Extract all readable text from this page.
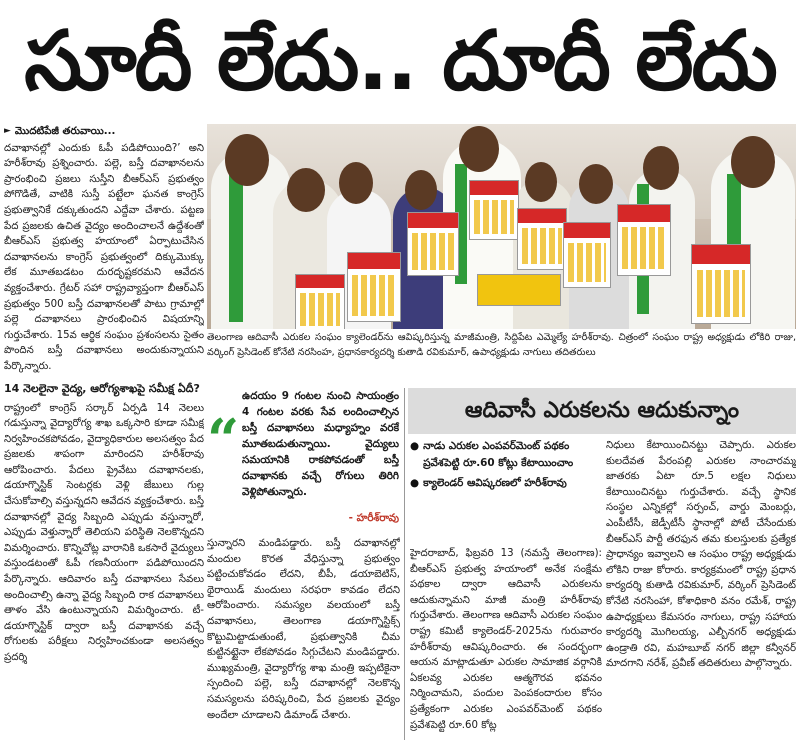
సూదీ లేదు.. దూదీ లేదు
► మొదటిపేజీ తరువాయి...

దవాఖానల్లో ఎందుకు ఓపీ పడిపోయింది?’ అని హరీశ్‌రావు ప్రశ్నించారు. పల్లె, బస్తీ దవాఖానలను ప్రారంభించి ప్రజలు సుస్తీని బీఆర్‌ఎస్ ప్రభుత్వం పోగొడితే, వాటికి సుస్తీ పట్టేలా ఘనత కాంగ్రెస్ ప్రభుత్వానికే దక్కుతుందని ఎద్దేవా చేశారు. పట్టణ పేద ప్రజలకు ఉచిత వైద్యం అందించాలనే ఉద్దేశంతో బీఆర్‌ఎస్ ప్రభుత్వ హయాంలో ఏర్పాటుచేసిన దవాఖానలను కాంగ్రెస్ ప్రభుత్వంలో దిక్కుమొక్కు లేక మూతబడటం దురదృష్టకరమని ఆవేదన వ్యక్తంచేశారు. గ్రేటర్ సహా రాష్ట్రవ్యాప్తంగా బీఆర్‌ఎస్ ప్రభుత్వం 500 బస్తీ దవాఖానలతో పాటు గ్రామాల్లో పల్లె దవాఖానలు ప్రారంభించిన విషయాన్ని గుర్తుచేశారు. 15వ ఆర్థిక సంఘం ప్రశంసలను సైతం పొందిన బస్తీ దవాఖానలు అందుకున్నాయని పేర్కొన్నారు.

14 నెలలైనా వైద్య, ఆరోగ్యశాఖపై సమీక్ష ఏదీ?

రాష్ట్రంలో కాంగ్రెస్ సర్కార్ ఏర్పడి 14 నెలలు గడుస్తున్నా వైద్యారోగ్య శాఖ ఒక్కసారి కూడా సమీక్ష నిర్వహించకపోవడం, వైద్యాధికారుల అలసత్వం పేద ప్రజలకు శాపంగా మారిందని హరీశ్‌రావు ఆరోపించారు. పేదలు ప్రైవేటు దవాఖానలకు, డయాగ్నొస్టిక్ సెంటర్లకు వెళ్లి జేబులు గుల్ల చేసుకోవాల్సి వస్తున్నదని ఆవేదన వ్యక్తంచేశారు. బస్తీ దవాఖానల్లో వైద్య సిబ్బంది ఎప్పుడు వస్తున్నారో, ఎప్పుడు వెళ్తున్నారో తెలియని పరిస్థితి నెలకొన్నదని విమర్శించారు. కొన్నిచోట్ల వారానికి ఒకసారే వైద్యులు వస్తుండటంతో ఓపీ గణనీయంగా పడిపోయిందని పేర్కొన్నారు. ఆదివారం బస్తీ దవాఖానలు సేవలు అందించాల్సి ఉన్నా వైద్య సిబ్బంది రాక దవాఖానలు తాళం వేసి ఉంటున్నాయని విమర్శించారు. టీ-డయాగ్నొస్టిక్ ద్వారా బస్తీ దవాఖానకు వచ్చే రోగులకు పరీక్షలు నిర్వహించకుండా అలసత్వం ప్రదర్శి

తెలంగాణ ఆదివాసీ ఎరుకల సంఘం క్యాలెండర్‌ను ఆవిష్కరిస్తున్న మాజీమంత్రి, సిద్దిపేట ఎమ్మెల్యే హరీశ్‌రావు. చిత్రంలో సంఘం రాష్ట్ర అధ్యక్షుడు లోకిరి రాజు, వర్కింగ్ ప్రెసిడెంట్ కోనేటి నరసింహ, ప్రధానకార్యదర్శి కుతాడి రవికుమార్, ఉపాధ్యక్షుడు నాగులు తదితరులు
“
ఉదయం 9 గంటల నుంచి సాయంత్రం 4 గంటల వరకు సేవ లందించాల్సిన బస్తీ దవాఖానలు మధ్యాహ్నం వరకే మూతబడుతున్నాయి. వైద్యులు సమయానికి రాకపోవడంతో బస్తీ దవాఖానకు వచ్చే రోగులు తిరిగి వెళ్లిపోతున్నారు.
- హరీశ్‌రావు
స్తున్నారని మండిపడ్డారు. బస్తీ దవాఖానల్లో మందుల కొరత వేధిస్తున్నా ప్రభుత్వం పట్టించుకోవడం లేదని, బీపీ, డయాబెటిస్, థైరాయిడ్ మందులు సరఫరా కావడం లేదని ఆరోపించారు. సమస్యల వలయంలో బస్తీ దవాఖానలు, తెలంగాణ డయాగ్నొస్టిక్స్ కొట్టుమిట్టాడుతుంటే, ప్రభుత్వానికి చీమ కుట్టినట్టైనా లేకపోవడం సిగ్గుచేటని మండిపడ్డారు. ముఖ్యమంత్రి, వైద్యారోగ్య శాఖ మంత్రి ఇప్పటికైనా స్పందించి పల్లె, బస్తీ దవాఖానల్లో నెలకొన్న సమస్యలను పరిష్కరించి, పేద ప్రజలకు వైద్యం అందేలా చూడాలని డిమాండ్ చేశారు.
ఆదివాసీ ఎరుకలను ఆదుకున్నాం
● నాడు ఎరుకల ఎంపవర్‌మెంట్ పథకం ప్రవేశపెట్టి రూ.60 కోట్లు కేటాయించాం
● క్యాలెండర్ ఆవిష్కరణలో హరీశ్‌రావు
హైదరాబాద్, ఫిబ్రవరి 13 (నమస్తే తెలంగాణ): బీఆర్‌ఎస్ ప్రభుత్వ హయాంలో అనేక సంక్షేమ పథకాల ద్వారా ఆదివాసీ ఎరుకలను ఆదుకున్నామని మాజీ మంత్రి హరీశ్‌రావు గుర్తుచేశారు. తెలంగాణ ఆదివాసీ ఎరుకల సంఘం రాష్ట్ర కమిటీ క్యాలెండర్-2025ను గురువారం హరీశ్‌రావు ఆవిష్కరించారు. ఈ సందర్భంగా ఆయన మాట్లాడుతూ ఎరుకల సామాజిక వర్గానికి ఏకలవ్య ఎరుకల ఆత్మగౌరవ భవనం నిర్మించామని, పందుల పెంపకందారుల కోసం ప్రత్యేకంగా ఎరుకల ఎంపవర్‌మెంట్ పథకం ప్రవేశపెట్టి రూ.60 కోట్ల
నిధులు కేటాయించినట్టు చెప్పారు. ఎరుకల కులదేవత పేరంపల్లి ఎరుకల నాంచారమ్మ జాతరకు ఏటా రూ.5 లక్షల నిధులు కేటాయించినట్టు గుర్తుచేశారు. వచ్చే స్థానిక సంస్థల ఎన్నికల్లో సర్పంచ్, వార్డు మెంబర్లు, ఎంపీటీసీ, జెడ్పీటీసీ స్థానాల్లో పోటీ చేసేందుకు బీఆర్‌ఎస్ పార్టీ తరఫున తమ కులస్తులకు ప్రత్యేక ప్రాధాన్యం ఇవ్వాలని ఆ సంఘం రాష్ట్ర అధ్యక్షుడు లోకిని రాజు కోరారు. కార్యక్రమంలో రాష్ట్ర ప్రధాన కార్యదర్శి కుతాడి రవికుమార్, వర్కింగ్ ప్రెసిడెంట్ కోనేటి నరసింహా, కోశాధికారి వనం రమేశ్, రాష్ట్ర ఉపాధ్యక్షులు కేమసరం నాగులు, రాష్ట్ర సహాయ కార్యదర్శి మొగిలయ్య, ఎల్బీనగర్ అధ్యక్షుడు ఉండ్రాతి రవి, మహబూబ్ నగర్ జిల్లా కన్వీనర్ మాదగాని నరేశ్, ప్రవీణ్ తదితరులు పాల్గొన్నారు.
